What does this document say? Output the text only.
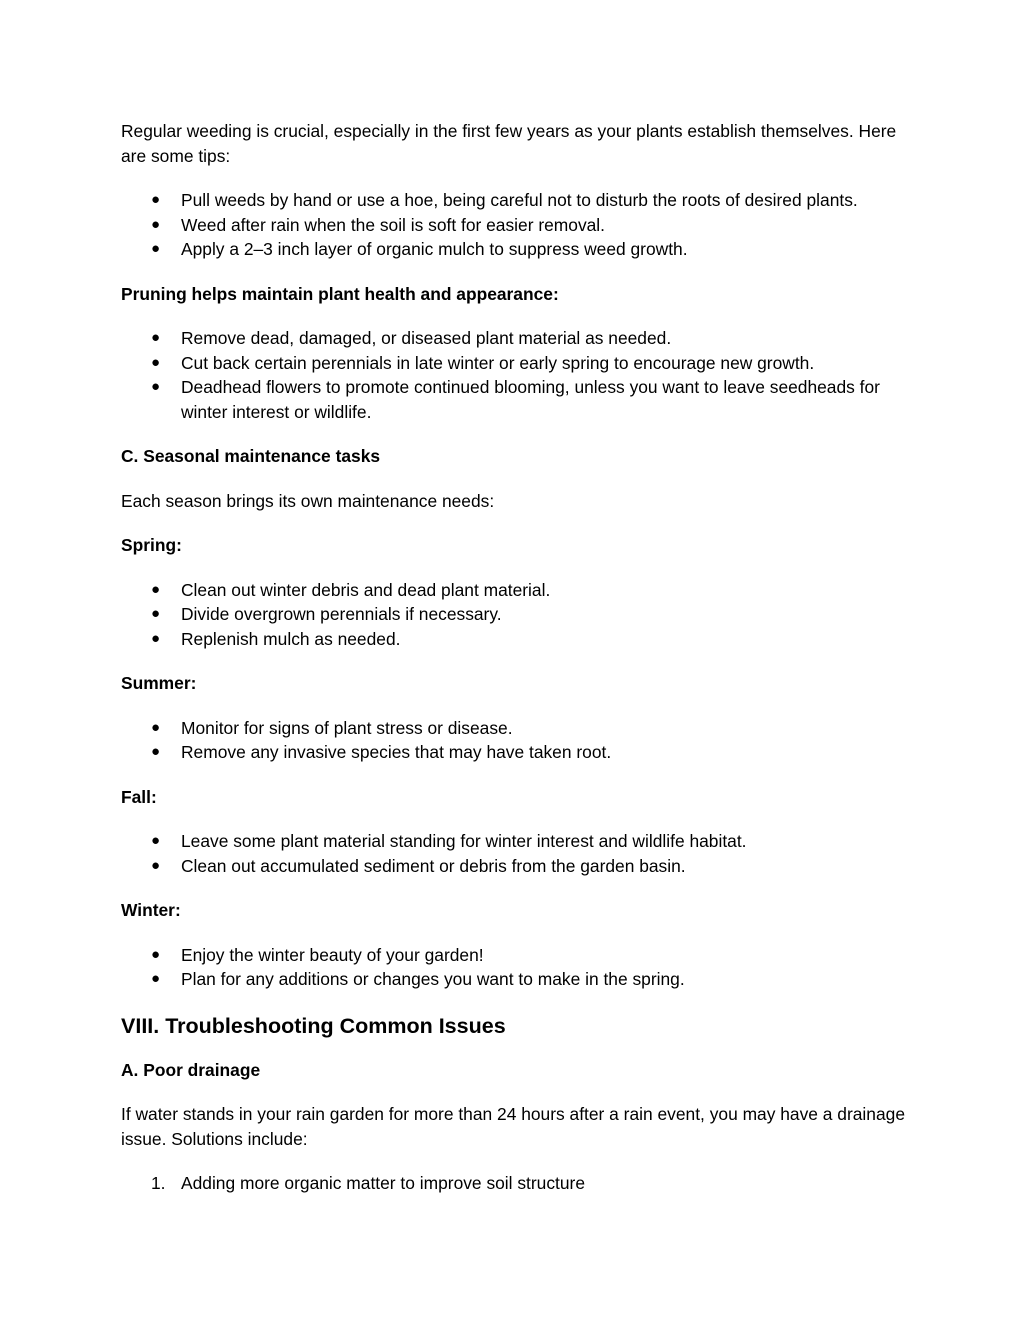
Regular weeding is crucial, especially in the first few years as your plants establish themselves. Here are some tips:

● Pull weeds by hand or use a hoe, being careful not to disturb the roots of desired plants.
● Weed after rain when the soil is soft for easier removal.
● Apply a 2–3 inch layer of organic mulch to suppress weed growth.

Pruning helps maintain plant health and appearance:

● Remove dead, damaged, or diseased plant material as needed.
● Cut back certain perennials in late winter or early spring to encourage new growth.
● Deadhead flowers to promote continued blooming, unless you want to leave seedheads for winter interest or wildlife.

C. Seasonal maintenance tasks

Each season brings its own maintenance needs:

Spring:

● Clean out winter debris and dead plant material.
● Divide overgrown perennials if necessary.
● Replenish mulch as needed.

Summer:

● Monitor for signs of plant stress or disease.
● Remove any invasive species that may have taken root.

Fall:

● Leave some plant material standing for winter interest and wildlife habitat.
● Clean out accumulated sediment or debris from the garden basin.

Winter:

● Enjoy the winter beauty of your garden!
● Plan for any additions or changes you want to make in the spring.
VIII. Troubleshooting Common Issues

A. Poor drainage

If water stands in your rain garden for more than 24 hours after a rain event, you may have a drainage issue. Solutions include:

1. Adding more organic matter to improve soil structure
